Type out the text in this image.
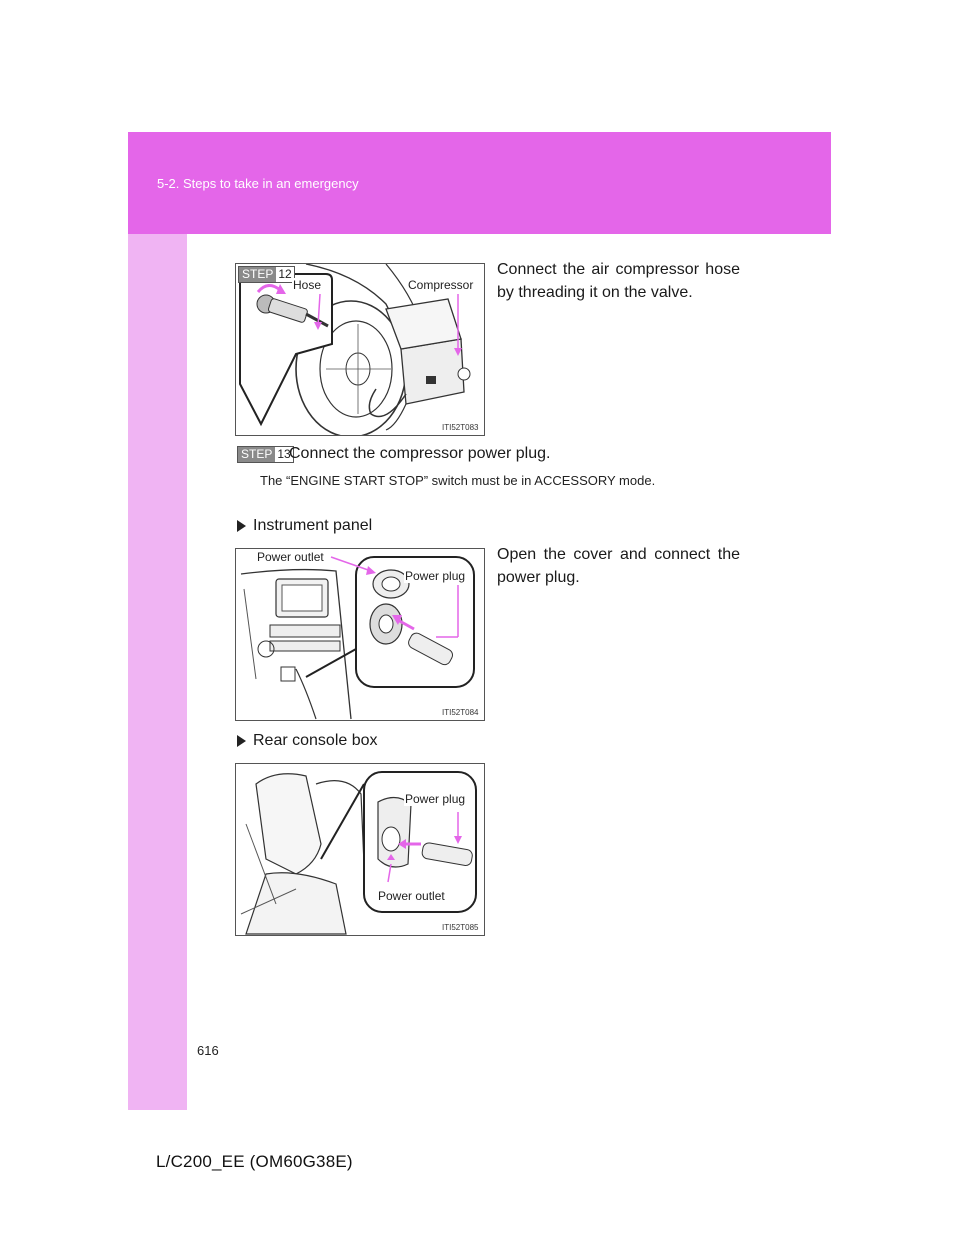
5-2. Steps to take in an emergency
STEP 12
Hose	Compressor
ITI52T083
Connect the air compressor hose by threading it on the valve.
STEP 13
Connect the compressor power plug.
The “ENGINE START STOP” switch must be in ACCESSORY mode.
Instrument panel
Power outlet
Power plug
ITI52T084
Open the cover and connect the power plug.
Rear console box
Power plug
Power outlet
ITI52T085
616
L/C200_EE (OM60G38E)
